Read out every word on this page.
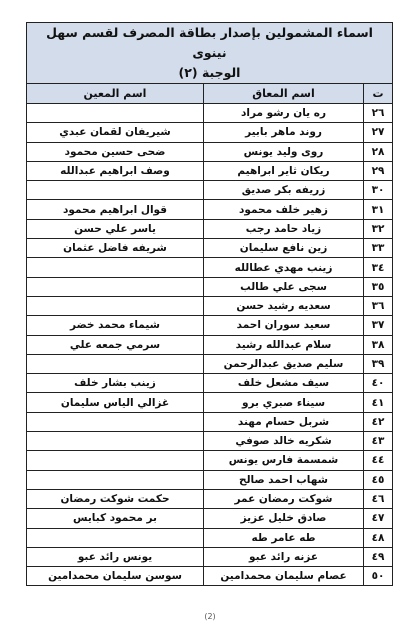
اسماء المشمولين بإصدار بطاقة المصرف لقسم سهل نينوى
الوجبة (٢)		

ت	اسم المعاق	اسم المعين
٢٦	ره يان رشو مراد	
٢٧	روند ماهر بابير	شيريفان لقمان عبدي
٢٨	روى وليد يونس	ضحى حسين محمود
٢٩	ريكان ثاير ابراهيم	وصف ابراهيم عبدالله
٣٠	زريفه بكر صديق	
٣١	زهير خلف محمود	قوال ابراهيم محمود
٣٢	زياد حامد رجب	ياسر علي حسن
٣٣	زين نافع سليمان	شريفه فاضل عثمان
٣٤	زينب مهدي عطالله	
٣٥	سجى علي طالب	
٣٦	سعديه رشيد حسن	
٣٧	سعيد سوران احمد	شيماء محمد خضر
٣٨	سلام عبدالله رشيد	سرمي جمعه علي
٣٩	سليم صديق عبدالرحمن	
٤٠	سيف مشعل خلف	زينب بشار خلف
٤١	سيناء صبري برو	غزالي الياس سليمان
٤٢	شربل حسام مهند	
٤٣	شكريه خالد صوفي	
٤٤	شمسمة فارس يونس	
٤٥	شهاب احمد صالح	
٤٦	شوكت رمضان عمر	حكمت شوكت رمضان
٤٧	صادق خليل عزيز	بر محمود كبايس
٤٨	طه عامر طه	
٤٩	عزنه رائد عبو	يونس رائد عبو
٥٠	عصام سليمان محمدامين	سوسن سليمان محمدامين
(2)
